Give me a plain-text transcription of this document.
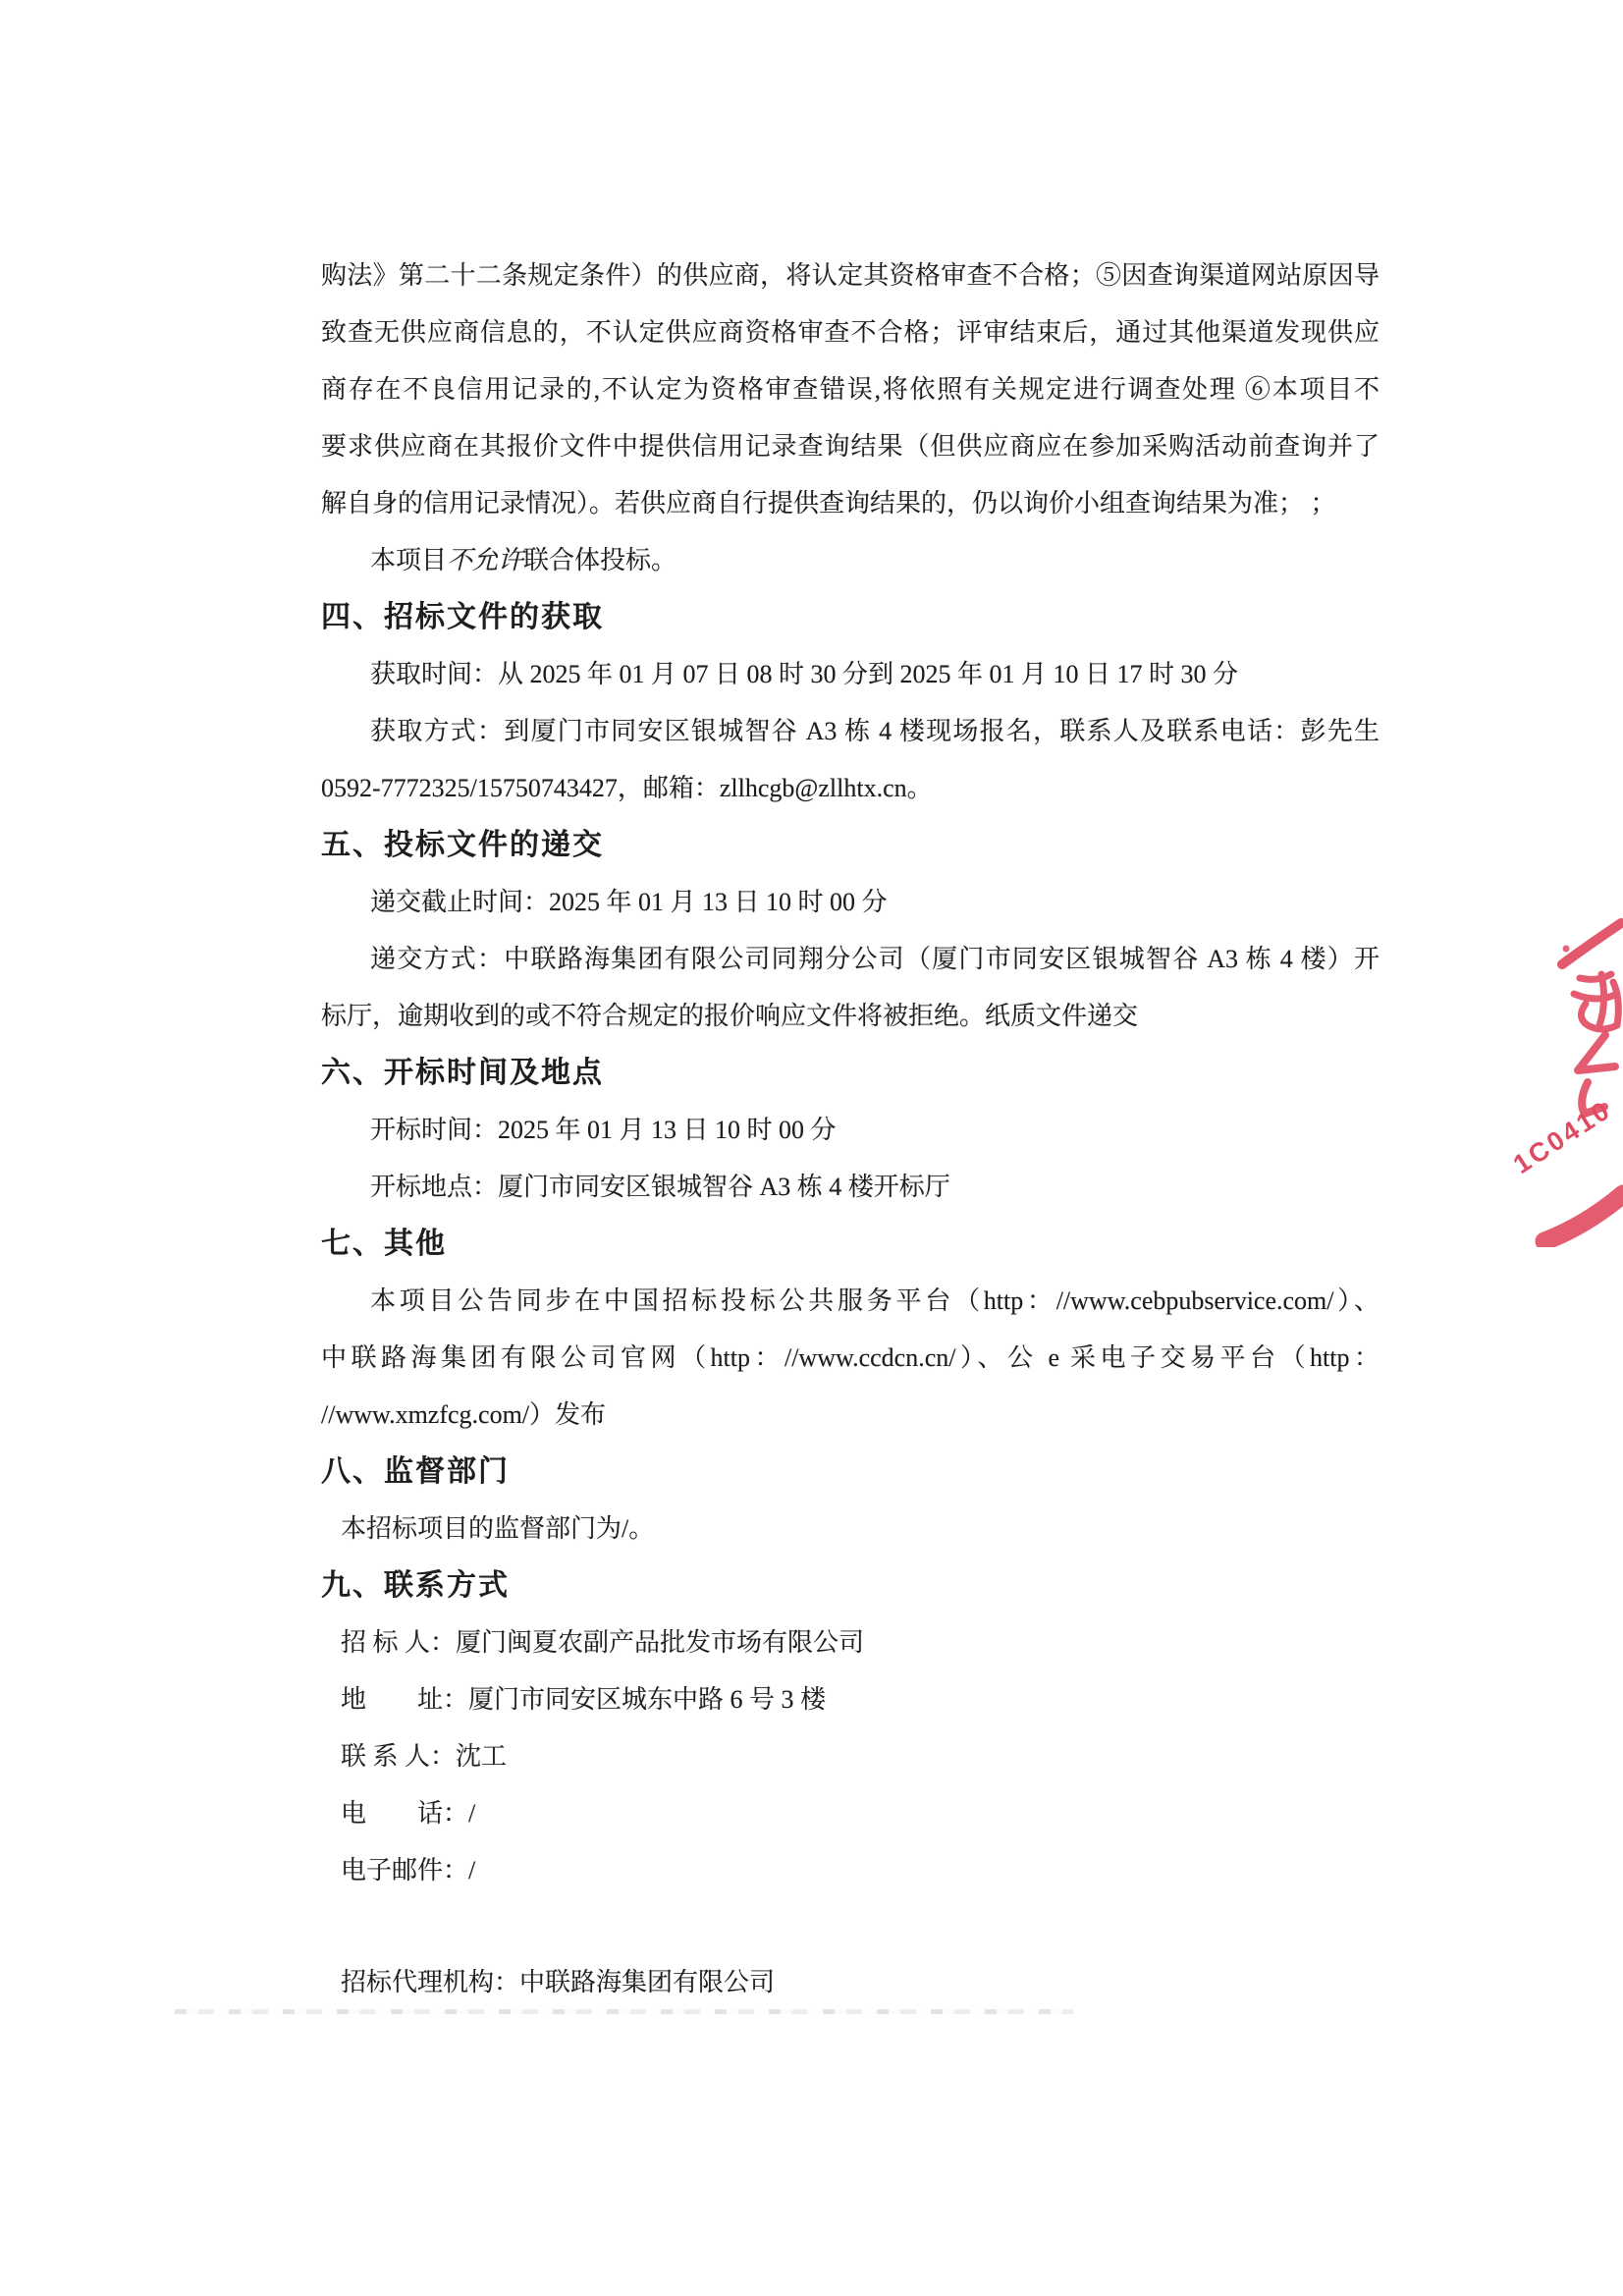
购法》第二十二条规定条件）的供应商，将认定其资格审查不合格；⑤因查询渠道网站原因导
致查无供应商信息的，不认定供应商资格审查不合格；评审结束后，通过其他渠道发现供应
商存在不良信用记录的,不认定为资格审查错误,将依照有关规定进行调查处理 ⑥本项目不
要求供应商在其报价文件中提供信用记录查询结果（但供应商应在参加采购活动前查询并了
解自身的信用记录情况）。若供应商自行提供查询结果的，仍以询价小组查询结果为准； ；
本项目不允许联合体投标。
四、招标文件的获取
获取时间：从 2025 年 01 月 07 日 08 时 30 分到 2025 年 01 月 10 日 17 时 30 分
获取方式：到厦门市同安区银城智谷 A3 栋 4 楼现场报名，联系人及联系电话：彭先生
0592-7772325/15750743427，邮箱：zllhcgb@zllhtx.cn。
五、投标文件的递交
递交截止时间：2025 年 01 月 13 日 10 时 00 分
递交方式：中联路海集团有限公司同翔分公司（厦门市同安区银城智谷 A3 栋 4 楼）开
标厅，逾期收到的或不符合规定的报价响应文件将被拒绝。纸质文件递交
六、开标时间及地点
开标时间：2025 年 01 月 13 日 10 时 00 分
开标地点：厦门市同安区银城智谷 A3 栋 4 楼开标厅
七、其他
本项目公告同步在中国招标投标公共服务平台（http：//www.cebpubservice.com/）、
中联路海集团有限公司官网（http：//www.ccdcn.cn/）、公 e 采电子交易平台（http：
//www.xmzfcg.com/）发布
八、监督部门
本招标项目的监督部门为/。
九、联系方式
招 标 人：厦门闽夏农副产品批发市场有限公司
地　　址：厦门市同安区城东中路 6 号 3 楼
联 系 人：沈工
电　　话：/
电子邮件：/
招标代理机构：中联路海集团有限公司
1C0410
